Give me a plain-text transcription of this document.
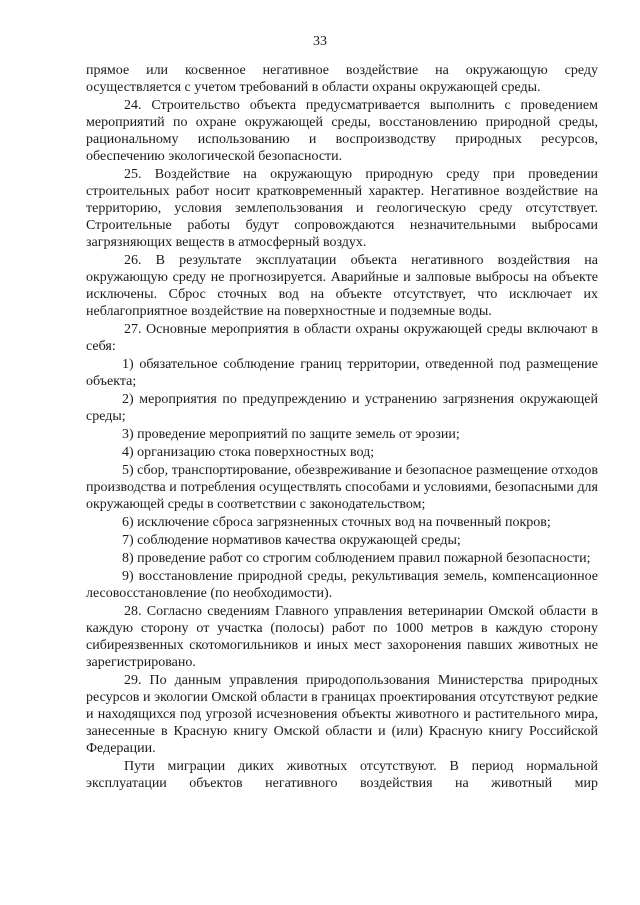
33

прямое или косвенное негативное воздействие на окружающую среду осуществляется с учетом требований в области охраны окружающей среды.

24. Строительство объекта предусматривается выполнить с проведением мероприятий по охране окружающей среды, восстановлению природной среды, рациональному использованию и воспроизводству природных ресурсов, обеспечению экологической безопасности.

25. Воздействие на окружающую природную среду при проведении строительных работ носит кратковременный характер. Негативное воздействие на территорию, условия землепользования и геологическую среду отсутствует. Строительные работы будут сопровождаются незначительными выбросами загрязняющих веществ в атмосферный воздух.

26. В результате эксплуатации объекта негативного воздействия на окружающую среду не прогнозируется. Аварийные и залповые выбросы на объекте исключены. Сброс сточных вод на объекте отсутствует, что исключает их неблагоприятное воздействие на поверхностные и подземные воды.

27. Основные мероприятия в области охраны окружающей среды включают в себя:

1) обязательное соблюдение границ территории, отведенной под размещение объекта;

2) мероприятия по предупреждению и устранению загрязнения окружающей среды;

3) проведение мероприятий по защите земель от эрозии;

4) организацию стока поверхностных вод;

5) сбор, транспортирование, обезвреживание и безопасное размещение отходов производства и потребления осуществлять способами и условиями, безопасными для окружающей среды в соответствии с законодательством;

6) исключение сброса загрязненных сточных вод на почвенный покров;

7) соблюдение нормативов качества окружающей среды;

8) проведение работ со строгим соблюдением правил пожарной безопасности;

9) восстановление природной среды, рекультивация земель, компенсационное лесовосстановление (по необходимости).

28. Согласно сведениям Главного управления ветеринарии Омской области в каждую сторону от участка (полосы) работ по 1000 метров в каждую сторону сибиреязвенных скотомогильников и иных мест захоронения павших животных не зарегистрировано.

29. По данным управления природопользования Министерства природных ресурсов и экологии Омской области в границах проектирования отсутствуют редкие и находящихся под угрозой исчезновения объекты животного и растительного мира, занесенные в Красную книгу Омской области и (или) Красную книгу Российской Федерации.

Пути миграции диких животных отсутствуют. В период нормальной эксплуатации объектов негативного воздействия на животный мир
